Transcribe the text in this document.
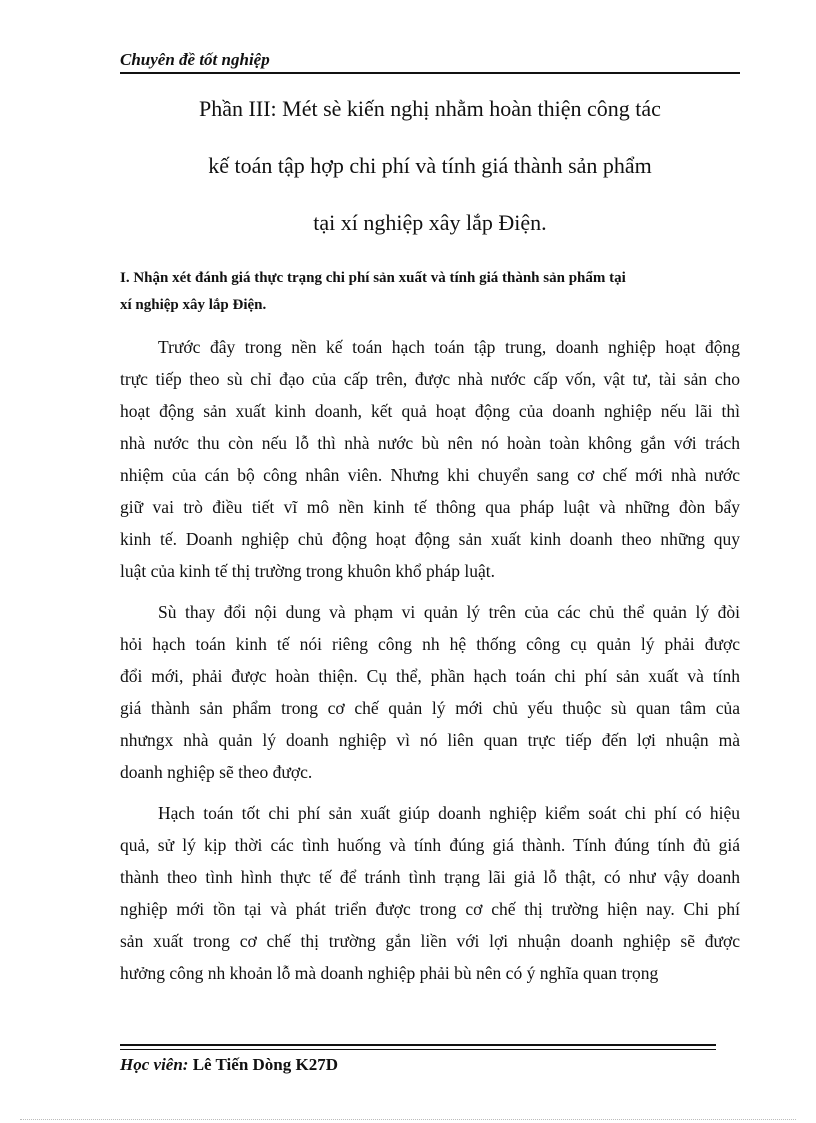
Chuyên đề tốt nghiệp
Phần III: Mét sè kiến nghị nhằm hoàn thiện công tác
kế toán tập hợp chi phí và tính giá thành sản phẩm
tại xí nghiệp xây lắp Điện.
I. Nhận xét đánh giá thực trạng chi phí sản xuất và tính giá thành sản phẩm tại
xí nghiệp xây lắp Điện.
Trước đây trong nền kế toán hạch toán tập trung, doanh nghiệp hoạt động
trực tiếp theo sù chỉ đạo của cấp trên, được nhà nước cấp vốn, vật tư, tài sản cho
hoạt động sản xuất kinh doanh, kết quả hoạt động của doanh nghiệp nếu lãi thì
nhà nước thu còn nếu lỗ thì nhà nước bù nên nó hoàn toàn không gắn với trách
nhiệm của cán bộ công nhân viên. Nhưng khi chuyển sang cơ chế mới nhà nước
giữ vai trò điều tiết vĩ mô nền kinh tế thông qua pháp luật và những đòn bẩy
kinh tế. Doanh nghiệp chủ động hoạt động sản xuất kinh doanh theo những quy
luật của kinh tế thị trường trong khuôn khổ pháp luật.
Sù thay đổi nội dung và phạm vi quản lý trên của các chủ thể quản lý đòi
hỏi hạch toán kinh tế nói riêng công nh hệ thống công cụ quản lý phải được
đổi mới, phải được hoàn thiện. Cụ thể, phần hạch toán chi phí sản xuất và tính
giá thành sản phẩm trong cơ chế quản lý mới chủ yếu thuộc sù quan tâm của
nhưngx nhà quản lý doanh nghiệp vì nó liên quan trực tiếp đến lợi nhuận mà
doanh nghiệp sẽ theo được.
Hạch toán tốt chi phí sản xuất giúp doanh nghiệp kiểm soát chi phí có hiệu
quả, sử lý kịp thời các tình huống và tính đúng giá thành. Tính đúng tính đủ giá
thành theo tình hình thực tế để tránh tình trạng lãi giả lỗ thật, có như vậy doanh
nghiệp mới tồn tại và phát triển được trong cơ chế thị trường hiện nay. Chi phí
sản xuất trong cơ chế thị trường gắn liền với lợi nhuận doanh nghiệp sẽ được
hưởng công nh khoản lỗ mà doanh nghiệp phải bù nên có ý nghĩa quan trọng
Học viên: Lê Tiến Dòng K27D
